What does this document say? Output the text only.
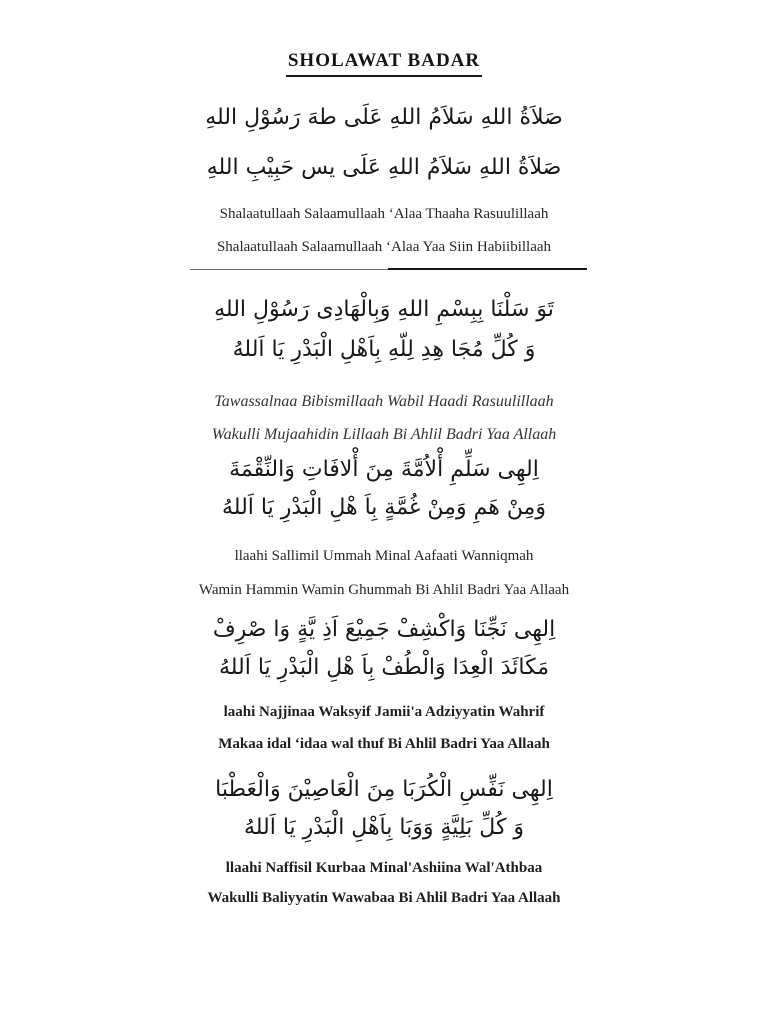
SHOLAWAT BADAR
صَلاَةُ اللهِ سَلاَمُ اللهِ عَلَى طهَ رَسُوْلِ اللهِ
صَلاَةُ اللهِ سَلاَمُ اللهِ عَلَى يس حَبِيْبِ اللهِ
Shalaatullaah Salaamullaah ‘Alaa Thaaha Rasuulillaah
Shalaatullaah Salaamullaah ‘Alaa Yaa Siin Habiibillaah
تَوَ سَلْنَا بِبِسْمِ اللهِ وَبِالْهَادِى رَسُوْلِ اللهِ
وَ كُلِّ مُجَا هِدِ لِلّهِ بِاَهْلِ الْبَدْرِ يَا اَللهُ
Tawassalnaa Bibismillaah Wabil Haadi Rasuulillaah
Wakulli Mujaahidin Lillaah Bi Ahlil Badri Yaa Allaah
اِلهِى سَلِّمِ أْلاُمَّةَ مِنَ أْلافَاتِ وَالنِّقْمَةَ
وَمِنْ هَمِ وَمِنْ غُمَّةٍ بِاَ هْلِ الْبَدْرِ يَا اَللهُ
llaahi Sallimil Ummah Minal Aafaati Wanniqmah
Wamin Hammin Wamin Ghummah Bi Ahlil Badri Yaa Allaah
اِلهِى نَجِّنَا وَاكْشِفْ جَمِيْعَ اَذِ يَّةٍ وَا صْرِفْ
مَكَائَدَ الْعِدَا وَالْطُفْ بِاَ هْلِ الْبَدْرِ يَا اَللهُ
laahi Najjinaa Waksyif Jamii'a Adziyyatin Wahrif
Makaa idal ‘idaa wal thuf Bi Ahlil Badri Yaa Allaah
اِلهِى نَفِّسِ الْكُرَبَا مِنَ الْعَاصِيْنَ وَالْعَطْبَا
وَ كُلِّ بَلِيَّةٍ وَوَبَا بِاَهْلِ الْبَدْرِ يَا اَللهُ
llaahi Naffisil Kurbaa Minal'Ashiina Wal'Athbaa
Wakulli Baliyyatin Wawabaa Bi Ahlil Badri Yaa Allaah
